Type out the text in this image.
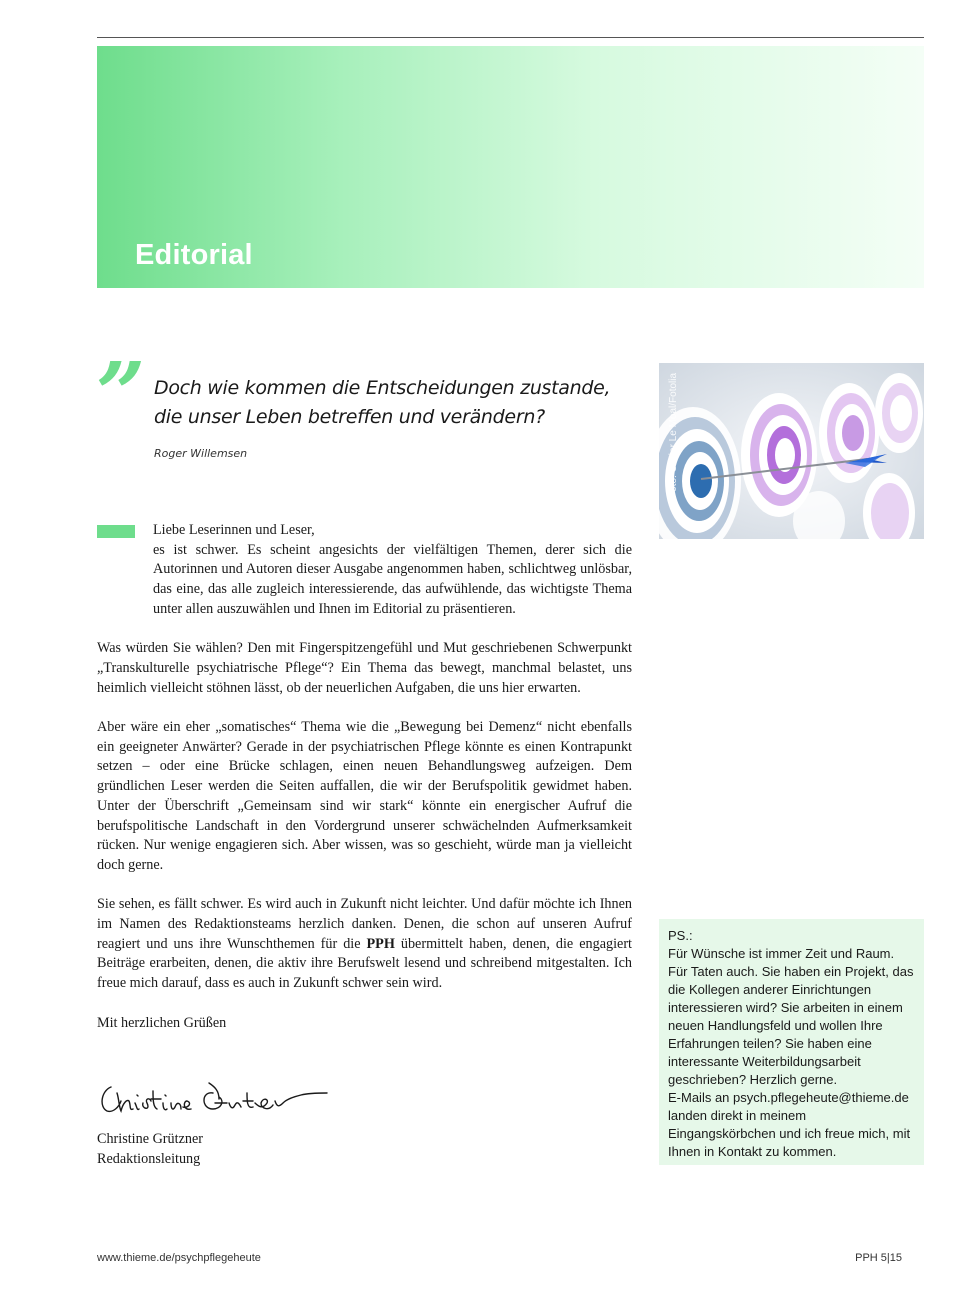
Editorial
” Doch wie kommen die Entscheidungen zustande,
die unser Leben betreffen und verändern?
Roger Willemsen	Foto: Olivier Le Moal/Fotolia

Liebe Leserinnen und Leser,

es ist schwer. Es scheint angesichts der vielfältigen Themen, derer sich die Autorinnen und Autoren dieser Ausgabe angenommen haben, schlichtweg unlösbar, das eine, das alle zugleich interessierende, das aufwühlende, das wichtigste Thema unter allen auszuwählen und Ihnen im Editorial zu präsentieren.

Was würden Sie wählen? Den mit Fingerspitzengefühl und Mut geschriebenen Schwerpunkt „Transkulturelle psychiatrische Pflege“? Ein Thema das bewegt, manchmal belastet, uns heimlich vielleicht stöhnen lässt, ob der neuerlichen Aufgaben, die uns hier erwarten.

Aber wäre ein eher „somatisches“ Thema wie die „Bewegung bei Demenz“ nicht ebenfalls ein geeigneter Anwärter? Gerade in der psychiatrischen Pflege könnte es einen Kontrapunkt setzen – oder eine Brücke schlagen, einen neuen Behandlungsweg aufzeigen. Dem gründlichen Leser werden die Seiten auffallen, die wir der Berufspolitik gewidmet haben. Unter der Überschrift „Gemeinsam sind wir stark“ könnte ein energischer Aufruf die berufspolitische Landschaft in den Vordergrund unserer schwächelnden Aufmerksamkeit rücken. Nur wenige engagieren sich. Aber wissen, was so geschieht, würde man ja vielleicht doch gerne.

Sie sehen, es fällt schwer. Es wird auch in Zukunft nicht leichter. Und dafür möchte ich Ihnen im Namen des Redaktionsteams herzlich danken. Denen, die schon auf unseren Aufruf reagiert und uns ihre Wunschthemen für die PPH übermittelt haben, denen, die engagiert Beiträge erarbeiten, denen, die aktiv ihre Berufswelt lesend und schreibend mitgestalten. Ich freue mich darauf, dass es auch in Zukunft schwer sein wird.

Mit herzlichen Grüßen

Christine Grützner

Redaktionsleitung

PS.:

Für Wünsche ist immer Zeit und Raum.

Für Taten auch. Sie haben ein Projekt, das die Kollegen anderer Einrichtungen interessieren wird? Sie arbeiten in einem neuen Handlungsfeld und wollen Ihre Erfahrungen teilen? Sie haben eine interessante Weiterbildungsarbeit geschrieben? Herzlich gerne.

E-Mails an psych.pflegeheute@thieme.de landen direkt in meinem Eingangskörbchen und ich freue mich, mit Ihnen in Kontakt zu kommen.

www.thieme.de/psychpflegeheute	PPH 5|15
